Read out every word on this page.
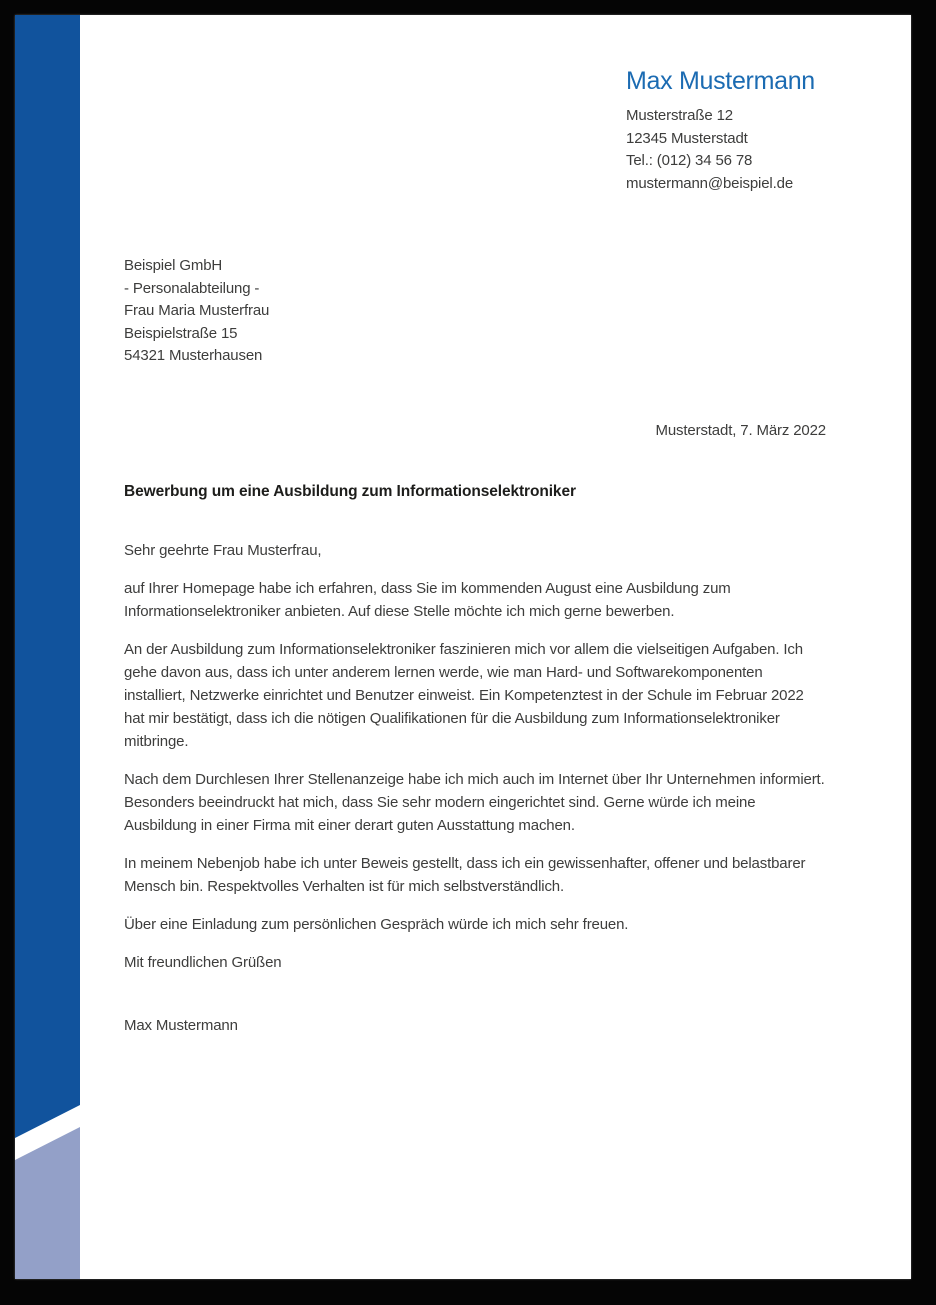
Max Mustermann
Musterstraße 12
12345 Musterstadt
Tel.: (012) 34 56 78
mustermann@beispiel.de
Beispiel GmbH
- Personalabteilung -
Frau Maria Musterfrau
Beispielstraße 15
54321 Musterhausen
Musterstadt, 7. März 2022
Bewerbung um eine Ausbildung zum Informationselektroniker

Sehr geehrte Frau Musterfrau,

auf Ihrer Homepage habe ich erfahren, dass Sie im kommenden August eine Ausbildung zum Informationselektroniker anbieten. Auf diese Stelle möchte ich mich gerne bewerben.

An der Ausbildung zum Informationselektroniker faszinieren mich vor allem die vielseitigen Aufgaben. Ich gehe davon aus, dass ich unter anderem lernen werde, wie man Hard- und Softwarekomponenten installiert, Netzwerke einrichtet und Benutzer einweist. Ein Kompetenztest in der Schule im Februar 2022 hat mir bestätigt, dass ich die nötigen Qualifikationen für die Ausbildung zum Informationselektroniker mitbringe.

Nach dem Durchlesen Ihrer Stellenanzeige habe ich mich auch im Internet über Ihr Unternehmen informiert. Besonders beeindruckt hat mich, dass Sie sehr modern eingerichtet sind. Gerne würde ich meine Ausbildung in einer Firma mit einer derart guten Ausstattung machen.

In meinem Nebenjob habe ich unter Beweis gestellt, dass ich ein gewissenhafter, offener und belastbarer Mensch bin. Respektvolles Verhalten ist für mich selbstverständlich.

Über eine Einladung zum persönlichen Gespräch würde ich mich sehr freuen.

Mit freundlichen Grüßen

Max Mustermann
